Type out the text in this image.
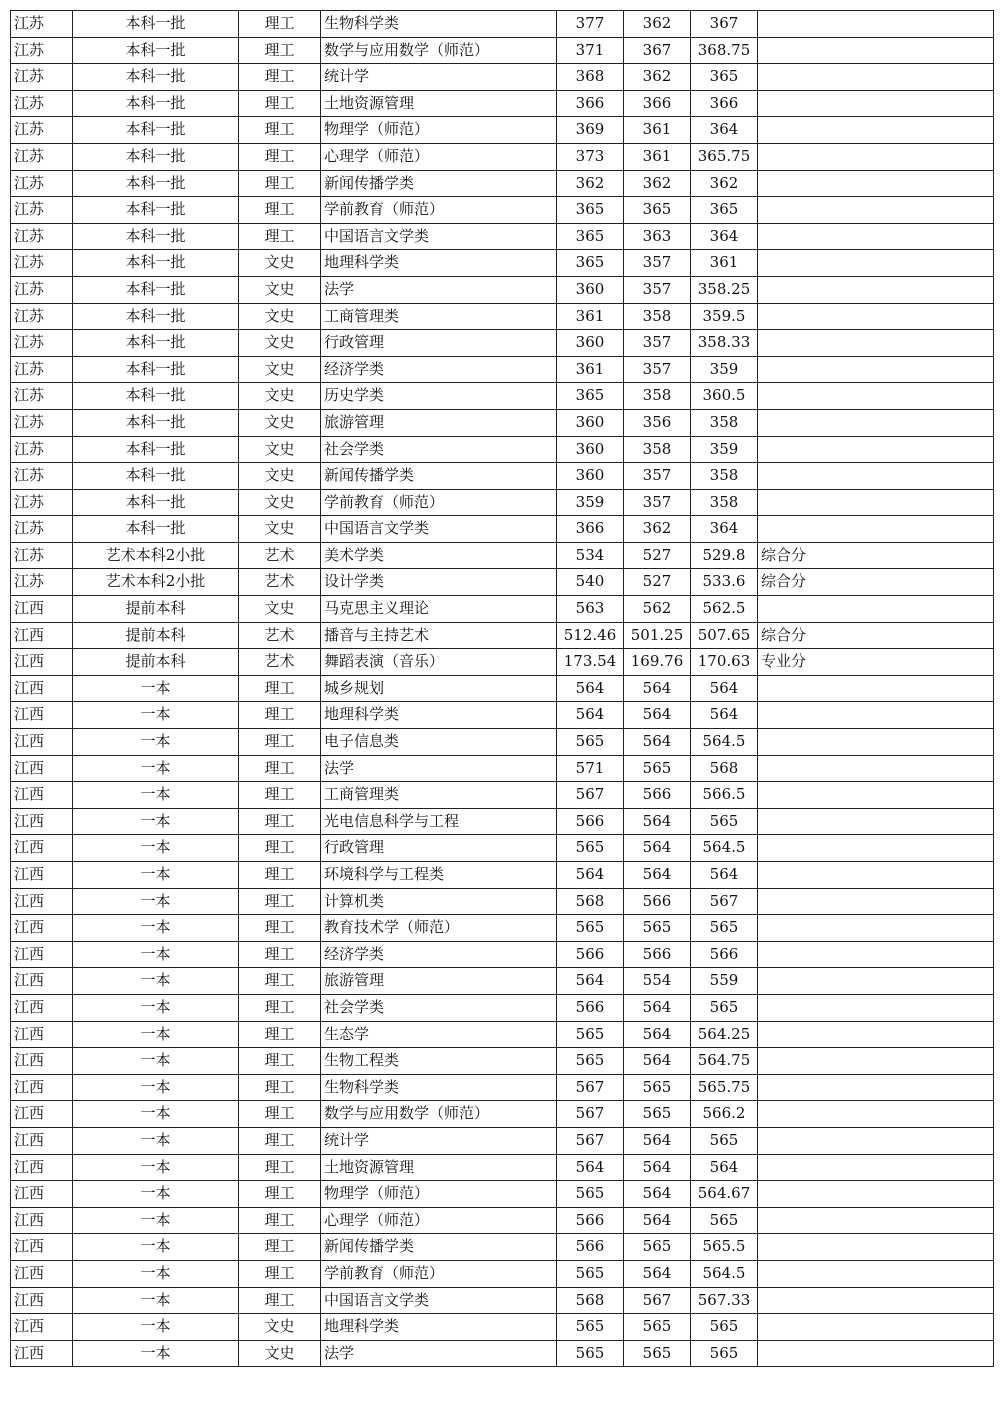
江苏	本科一批	理工	生物科学类	377	362	367	
江苏	本科一批	理工	数学与应用数学（师范）	371	367	368.75	
江苏	本科一批	理工	统计学	368	362	365	
江苏	本科一批	理工	土地资源管理	366	366	366	
江苏	本科一批	理工	物理学（师范）	369	361	364	
江苏	本科一批	理工	心理学（师范）	373	361	365.75	
江苏	本科一批	理工	新闻传播学类	362	362	362	
江苏	本科一批	理工	学前教育（师范）	365	365	365	
江苏	本科一批	理工	中国语言文学类	365	363	364	
江苏	本科一批	文史	地理科学类	365	357	361	
江苏	本科一批	文史	法学	360	357	358.25	
江苏	本科一批	文史	工商管理类	361	358	359.5	
江苏	本科一批	文史	行政管理	360	357	358.33	
江苏	本科一批	文史	经济学类	361	357	359	
江苏	本科一批	文史	历史学类	365	358	360.5	
江苏	本科一批	文史	旅游管理	360	356	358	
江苏	本科一批	文史	社会学类	360	358	359	
江苏	本科一批	文史	新闻传播学类	360	357	358	
江苏	本科一批	文史	学前教育（师范）	359	357	358	
江苏	本科一批	文史	中国语言文学类	366	362	364	
江苏	艺术本科2小批	艺术	美术学类	534	527	529.8	综合分
江苏	艺术本科2小批	艺术	设计学类	540	527	533.6	综合分
江西	提前本科	文史	马克思主义理论	563	562	562.5	
江西	提前本科	艺术	播音与主持艺术	512.46	501.25	507.65	综合分
江西	提前本科	艺术	舞蹈表演（音乐）	173.54	169.76	170.63	专业分
江西	一本	理工	城乡规划	564	564	564	
江西	一本	理工	地理科学类	564	564	564	
江西	一本	理工	电子信息类	565	564	564.5	
江西	一本	理工	法学	571	565	568	
江西	一本	理工	工商管理类	567	566	566.5	
江西	一本	理工	光电信息科学与工程	566	564	565	
江西	一本	理工	行政管理	565	564	564.5	
江西	一本	理工	环境科学与工程类	564	564	564	
江西	一本	理工	计算机类	568	566	567	
江西	一本	理工	教育技术学（师范）	565	565	565	
江西	一本	理工	经济学类	566	566	566	
江西	一本	理工	旅游管理	564	554	559	
江西	一本	理工	社会学类	566	564	565	
江西	一本	理工	生态学	565	564	564.25	
江西	一本	理工	生物工程类	565	564	564.75	
江西	一本	理工	生物科学类	567	565	565.75	
江西	一本	理工	数学与应用数学（师范）	567	565	566.2	
江西	一本	理工	统计学	567	564	565	
江西	一本	理工	土地资源管理	564	564	564	
江西	一本	理工	物理学（师范）	565	564	564.67	
江西	一本	理工	心理学（师范）	566	564	565	
江西	一本	理工	新闻传播学类	566	565	565.5	
江西	一本	理工	学前教育（师范）	565	564	564.5	
江西	一本	理工	中国语言文学类	568	567	567.33	
江西	一本	文史	地理科学类	565	565	565	
江西	一本	文史	法学	565	565	565	
